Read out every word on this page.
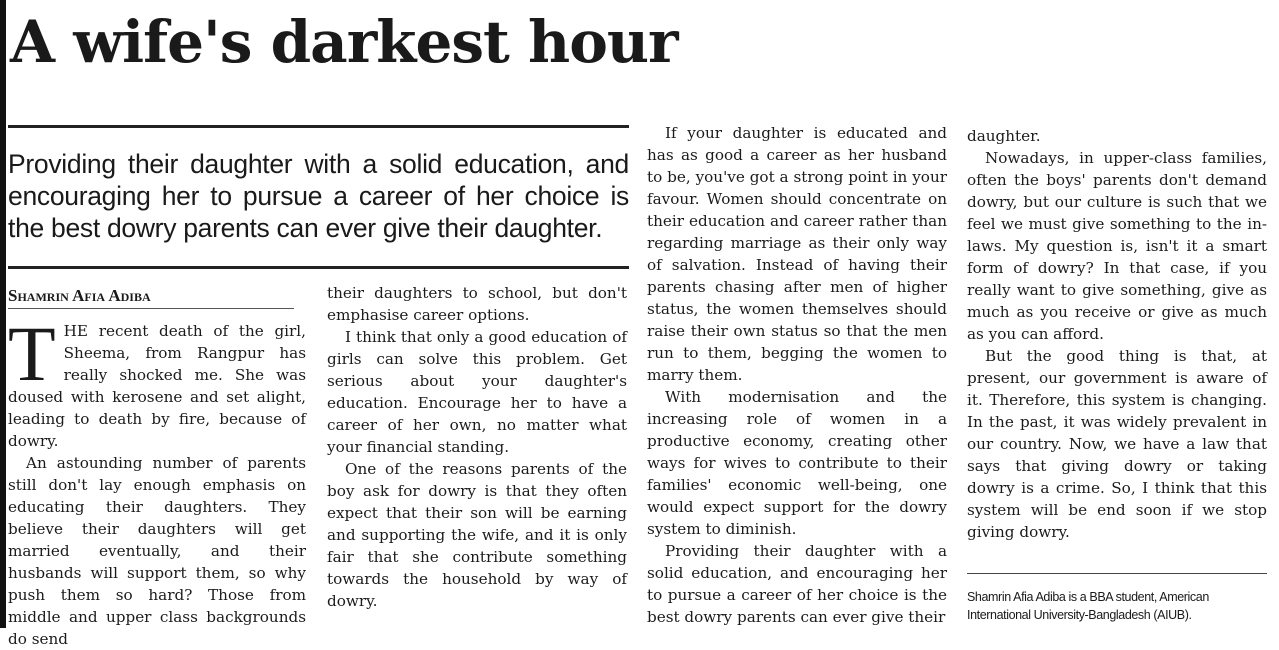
A wife's darkest hour

Providing their daughter with a solid education, and encouraging her to pursue a career of her choice is the best dowry parents can ever give their daughter.

Shamrin Afia Adiba

THE recent death of the girl, Sheema, from Rangpur has really shocked me. She was doused with kerosene and set alight, leading to death by fire, because of dowry.

An astounding number of parents still don't lay enough emphasis on educating their daughters. They believe their daughters will get married eventually, and their husbands will support them, so why push them so hard? Those from middle and upper class backgrounds do send

their daughters to school, but don't emphasise career options.

I think that only a good education of girls can solve this problem. Get serious about your daughter's education. Encourage her to have a career of her own, no matter what your financial standing.

One of the reasons parents of the boy ask for dowry is that they often expect that their son will be earning and supporting the wife, and it is only fair that she contribute something towards the household by way of dowry.

If your daughter is educated and has as good a career as her husband to be, you've got a strong point in your favour. Women should concentrate on their education and career rather than regarding marriage as their only way of salvation. Instead of having their parents chasing after men of higher status, the women themselves should raise their own status so that the men run to them, begging the women to marry them.

With modernisation and the increasing role of women in a productive economy, creating other ways for wives to contribute to their families' economic well-being, one would expect support for the dowry system to diminish.

Providing their daughter with a solid education, and encouraging her to pursue a career of her choice is the best dowry parents can ever give their

daughter.

Nowadays, in upper-class families, often the boys' parents don't demand dowry, but our culture is such that we feel we must give something to the in-laws. My question is, isn't it a smart form of dowry? In that case, if you really want to give something, give as much as you receive or give as much as you can afford.

But the good thing is that, at present, our government is aware of it. Therefore, this system is changing. In the past, it was widely prevalent in our country. Now, we have a law that says that giving dowry or taking dowry is a crime. So, I think that this system will be end soon if we stop giving dowry.

Shamrin Afia Adiba is a BBA student, American International University-Bangladesh (AIUB).
